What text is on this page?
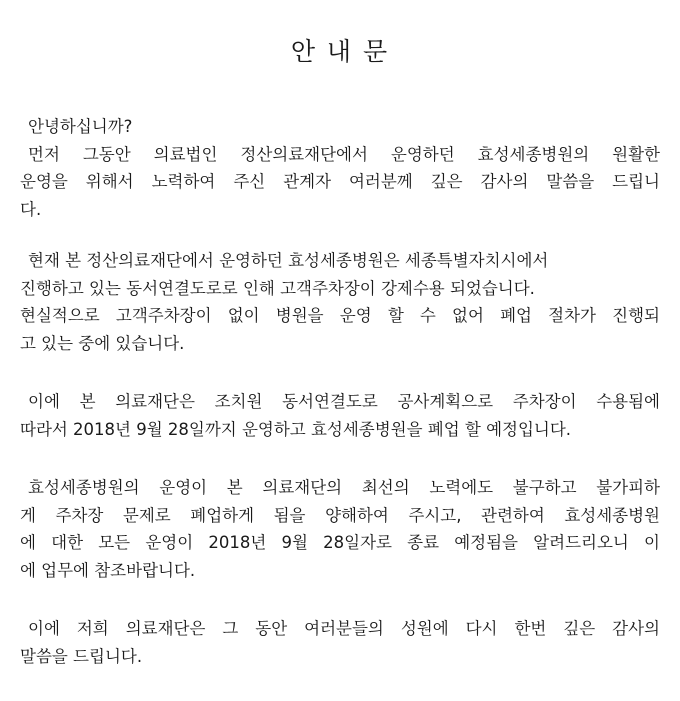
안 내 문
안녕하십니까?
먼저 그동안 의료법인 정산의료재단에서 운영하던 효성세종병원의 원활한
운영을 위해서 노력하여 주신 관계자 여러분께 깊은 감사의 말씀을 드립니
다.
현재 본 정산의료재단에서 운영하던 효성세종병원은 세종특별자치시에서
진행하고 있는 동서연결도로로 인해 고객주차장이 강제수용 되었습니다.
현실적으로 고객주차장이 없이 병원을 운영 할 수 없어 폐업 절차가 진행되
고 있는 중에 있습니다.
이에 본 의료재단은 조치원 동서연결도로 공사계획으로 주차장이 수용됨에
따라서 2018년 9월 28일까지 운영하고 효성세종병원을 폐업 할 예정입니다.
효성세종병원의 운영이 본 의료재단의 최선의 노력에도 불구하고 불가피하
게 주차장 문제로 폐업하게 됨을 양해하여 주시고, 관련하여 효성세종병원
에 대한 모든 운영이 2018년 9월 28일자로 종료 예정됨을 알려드리오니 이
에 업무에 참조바랍니다.
이에 저희 의료재단은 그 동안 여러분들의 성원에 다시 한번 깊은 감사의
말씀을 드립니다.
